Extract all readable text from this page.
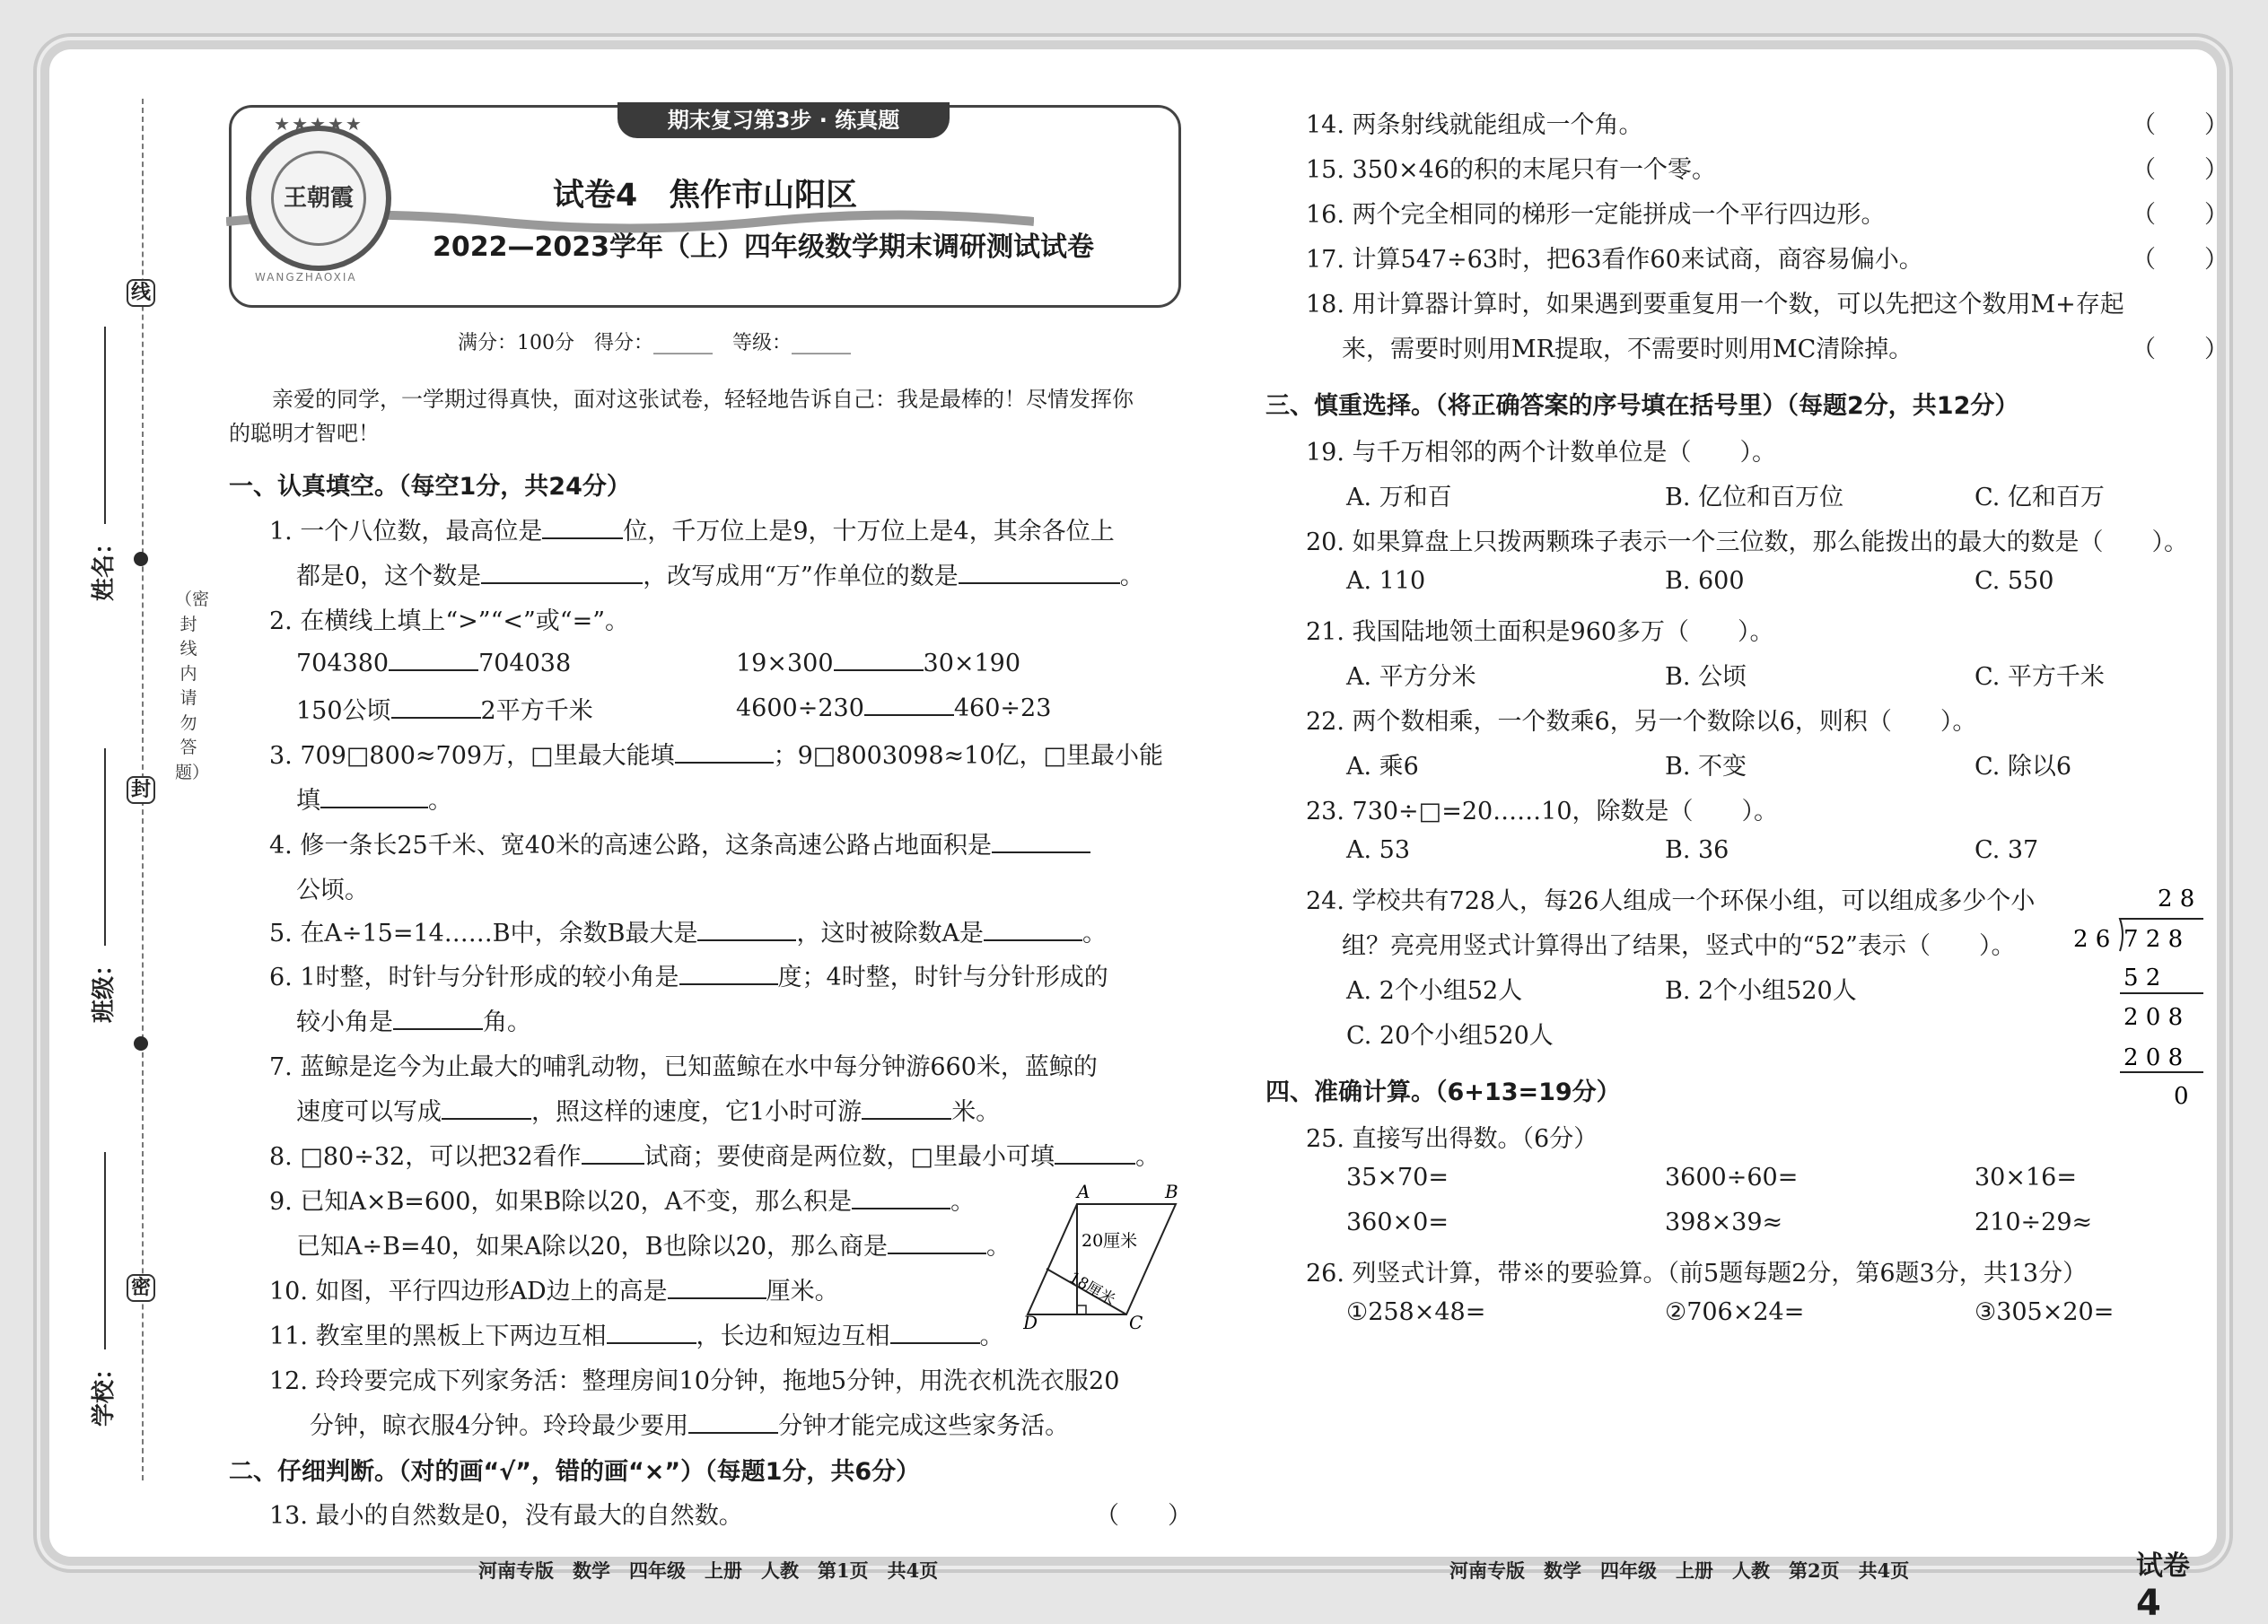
线
封
密
（密封线内请勿答题）
姓名：
班级：
学校：
期末复习第3步 · 练真题
★★★★★
王朝霞
WANGZHAOXIA
试卷4　焦作市山阳区
2022—2023学年（上）四年级数学期末调研测试试卷
满分：100分　得分：______　等级：______
　　亲爱的同学，一学期过得真快，面对这张试卷，轻轻地告诉自己：我是最棒的！尽情发挥你
的聪明才智吧！
一、认真填空。（每空1分，共24分）
1. 一个八位数，最高位是	位，千万位上是9，十万位上是4，其余各位上
都是0，这个数是	，改写成用“万”作单位的数是	。
2. 在横线上填上“>”“<”或“=”。
704380	704038	19×300	30×190
150公顷	2平方千米	4600÷230	460÷23
3. 709□800≈709万，□里最大能填	；9□8003098≈10亿，□里最小能
填	。
4. 修一条长25千米、宽40米的高速公路，这条高速公路占地面积是
公顷。
5. 在A÷15=14……B中，余数B最大是	，这时被除数A是	。
6. 1时整，时针与分针形成的较小角是	度；4时整，时针与分针形成的
较小角是	角。
7. 蓝鲸是迄今为止最大的哺乳动物，已知蓝鲸在水中每分钟游660米，蓝鲸的
速度可以写成	，照这样的速度，它1小时可游	米。
8. □80÷32，可以把32看作	试商；要使商是两位数，□里最小可填	。
9. 已知A×B=600，如果B除以20，A不变，那么积是	。
已知A÷B=40，如果A除以20，B也除以20，那么商是	。
10. 如图，平行四边形AD边上的高是	厘米。
11. 教室里的黑板上下两边互相	，长边和短边互相	。
12. 玲玲要完成下列家务活：整理房间10分钟，拖地5分钟，用洗衣机洗衣服20
分钟，晾衣服4分钟。玲玲最少要用	分钟才能完成这些家务活。
A	B
C
D
20厘米
18厘米
二、仔细判断。（对的画“√”，错的画“×”）（每题1分，共6分）
13. 最小的自然数是0，没有最大的自然数。	（　　）
河南专版　数学　四年级　上册　人教　第1页　共4页
14. 两条射线就能组成一个角。	（　　）
15. 350×46的积的末尾只有一个零。	（　　）
16. 两个完全相同的梯形一定能拼成一个平行四边形。	（　　）
17. 计算547÷63时，把63看作60来试商，商容易偏小。	（　　）
18. 用计算器计算时，如果遇到要重复用一个数，可以先把这个数用M+存起
来，需要时则用MR提取，不需要时则用MC清除掉。	（　　）
三、慎重选择。（将正确答案的序号填在括号里）（每题2分，共12分）
19. 与千万相邻的两个计数单位是（　　）。
A. 万和百	B. 亿位和百万位	C. 亿和百万
20. 如果算盘上只拨两颗珠子表示一个三位数，那么能拨出的最大的数是（　　）。
A. 110	B. 600	C. 550
21. 我国陆地领土面积是960多万（　　）。
A. 平方分米	B. 公顷	C. 平方千米
22. 两个数相乘，一个数乘6，另一个数除以6，则积（　　）。
A. 乘6	B. 不变	C. 除以6
23. 730÷□=20……10，除数是（　　）。
A. 53	B. 36	C. 37
24. 学校共有728人，每26人组成一个环保小组，可以组成多少个小
组？亮亮用竖式计算得出了结果，竖式中的“52”表示（　　）。
A. 2个小组52人	B. 2个小组520人
C. 20个小组520人
2 8
2 6 7 2 8
5 2
2 0 8
2 0 8
0
四、准确计算。（6+13=19分）
25. 直接写出得数。（6分）
35×70=	3600÷60=	30×16=
360×0=	398×39≈	210÷29≈
26. 列竖式计算，带※的要验算。（前5题每题2分，第6题3分，共13分）
①258×48=	②706×24=	③305×20=
河南专版　数学　四年级　上册　人教　第2页　共4页	试卷 4
